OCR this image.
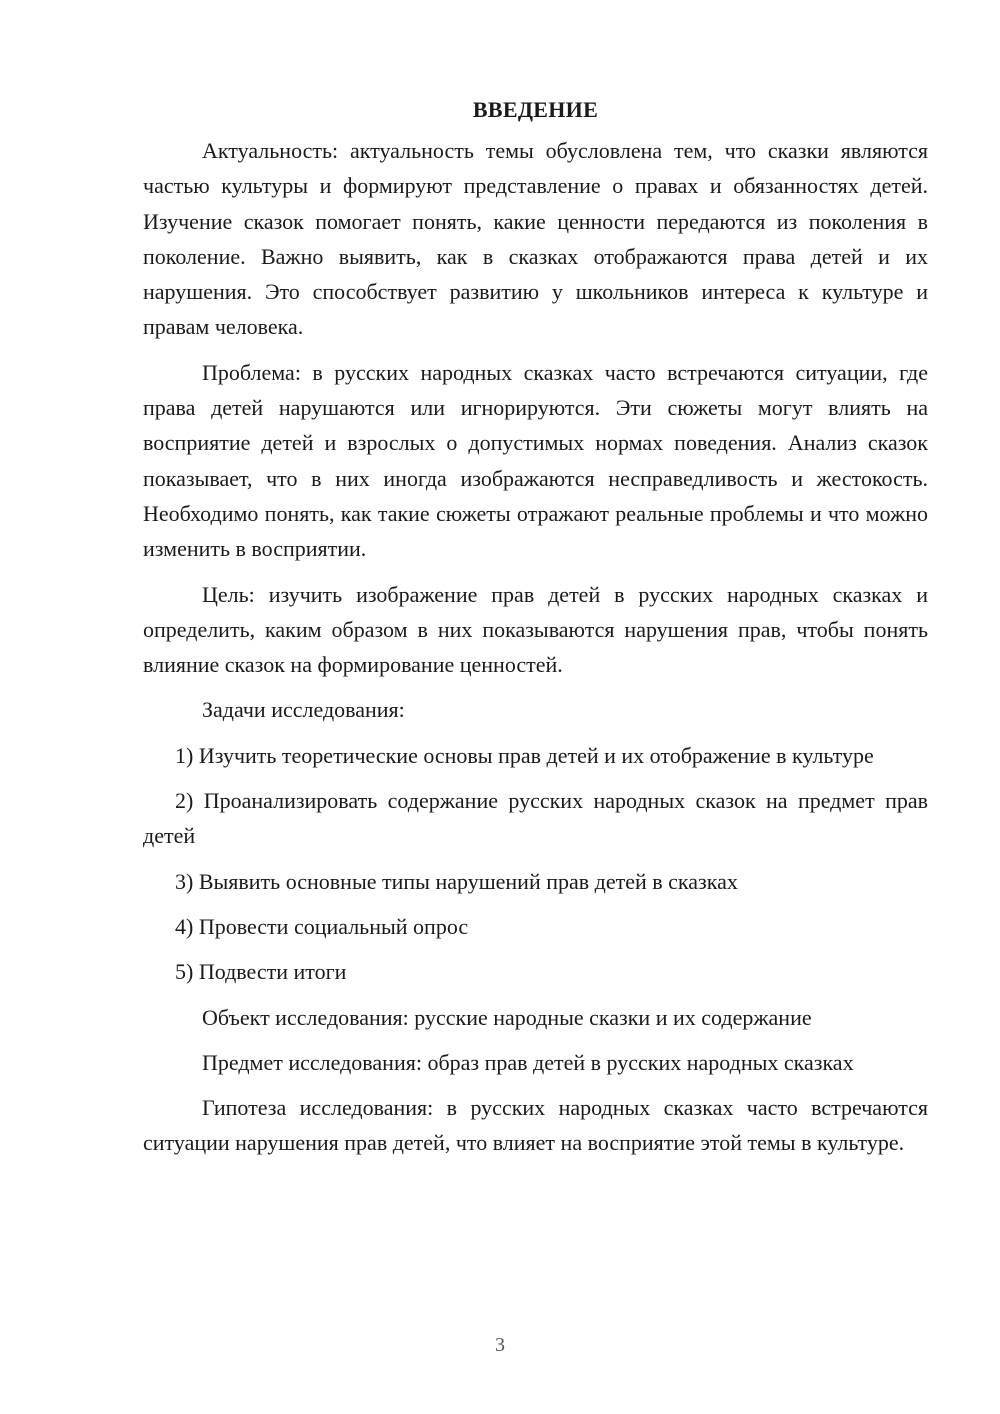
ВВЕДЕНИЕ

Актуальность: актуальность темы обусловлена тем, что сказки являются частью культуры и формируют представление о правах и обязанностях детей. Изучение сказок помогает понять, какие ценности передаются из поколения в поколение. Важно выявить, как в сказках отображаются права детей и их нарушения. Это способствует развитию у школьников интереса к культуре и правам человека.

Проблема: в русских народных сказках часто встречаются ситуации, где права детей нарушаются или игнорируются. Эти сюжеты могут влиять на восприятие детей и взрослых о допустимых нормах поведения. Анализ сказок показывает, что в них иногда изображаются несправедливость и жестокость. Необходимо понять, как такие сюжеты отражают реальные проблемы и что можно изменить в восприятии.

Цель: изучить изображение прав детей в русских народных сказках и определить, каким образом в них показываются нарушения прав, чтобы понять влияние сказок на формирование ценностей.

Задачи исследования:

1) Изучить теоретические основы прав детей и их отображение в культуре

2) Проанализировать содержание русских народных сказок на предмет прав детей

3) Выявить основные типы нарушений прав детей в сказках

4) Провести социальный опрос

5) Подвести итоги

Объект исследования: русские народные сказки и их содержание

Предмет исследования: образ прав детей в русских народных сказках

Гипотеза исследования: в русских народных сказках часто встречаются ситуации нарушения прав детей, что влияет на восприятие этой темы в культуре.

3
